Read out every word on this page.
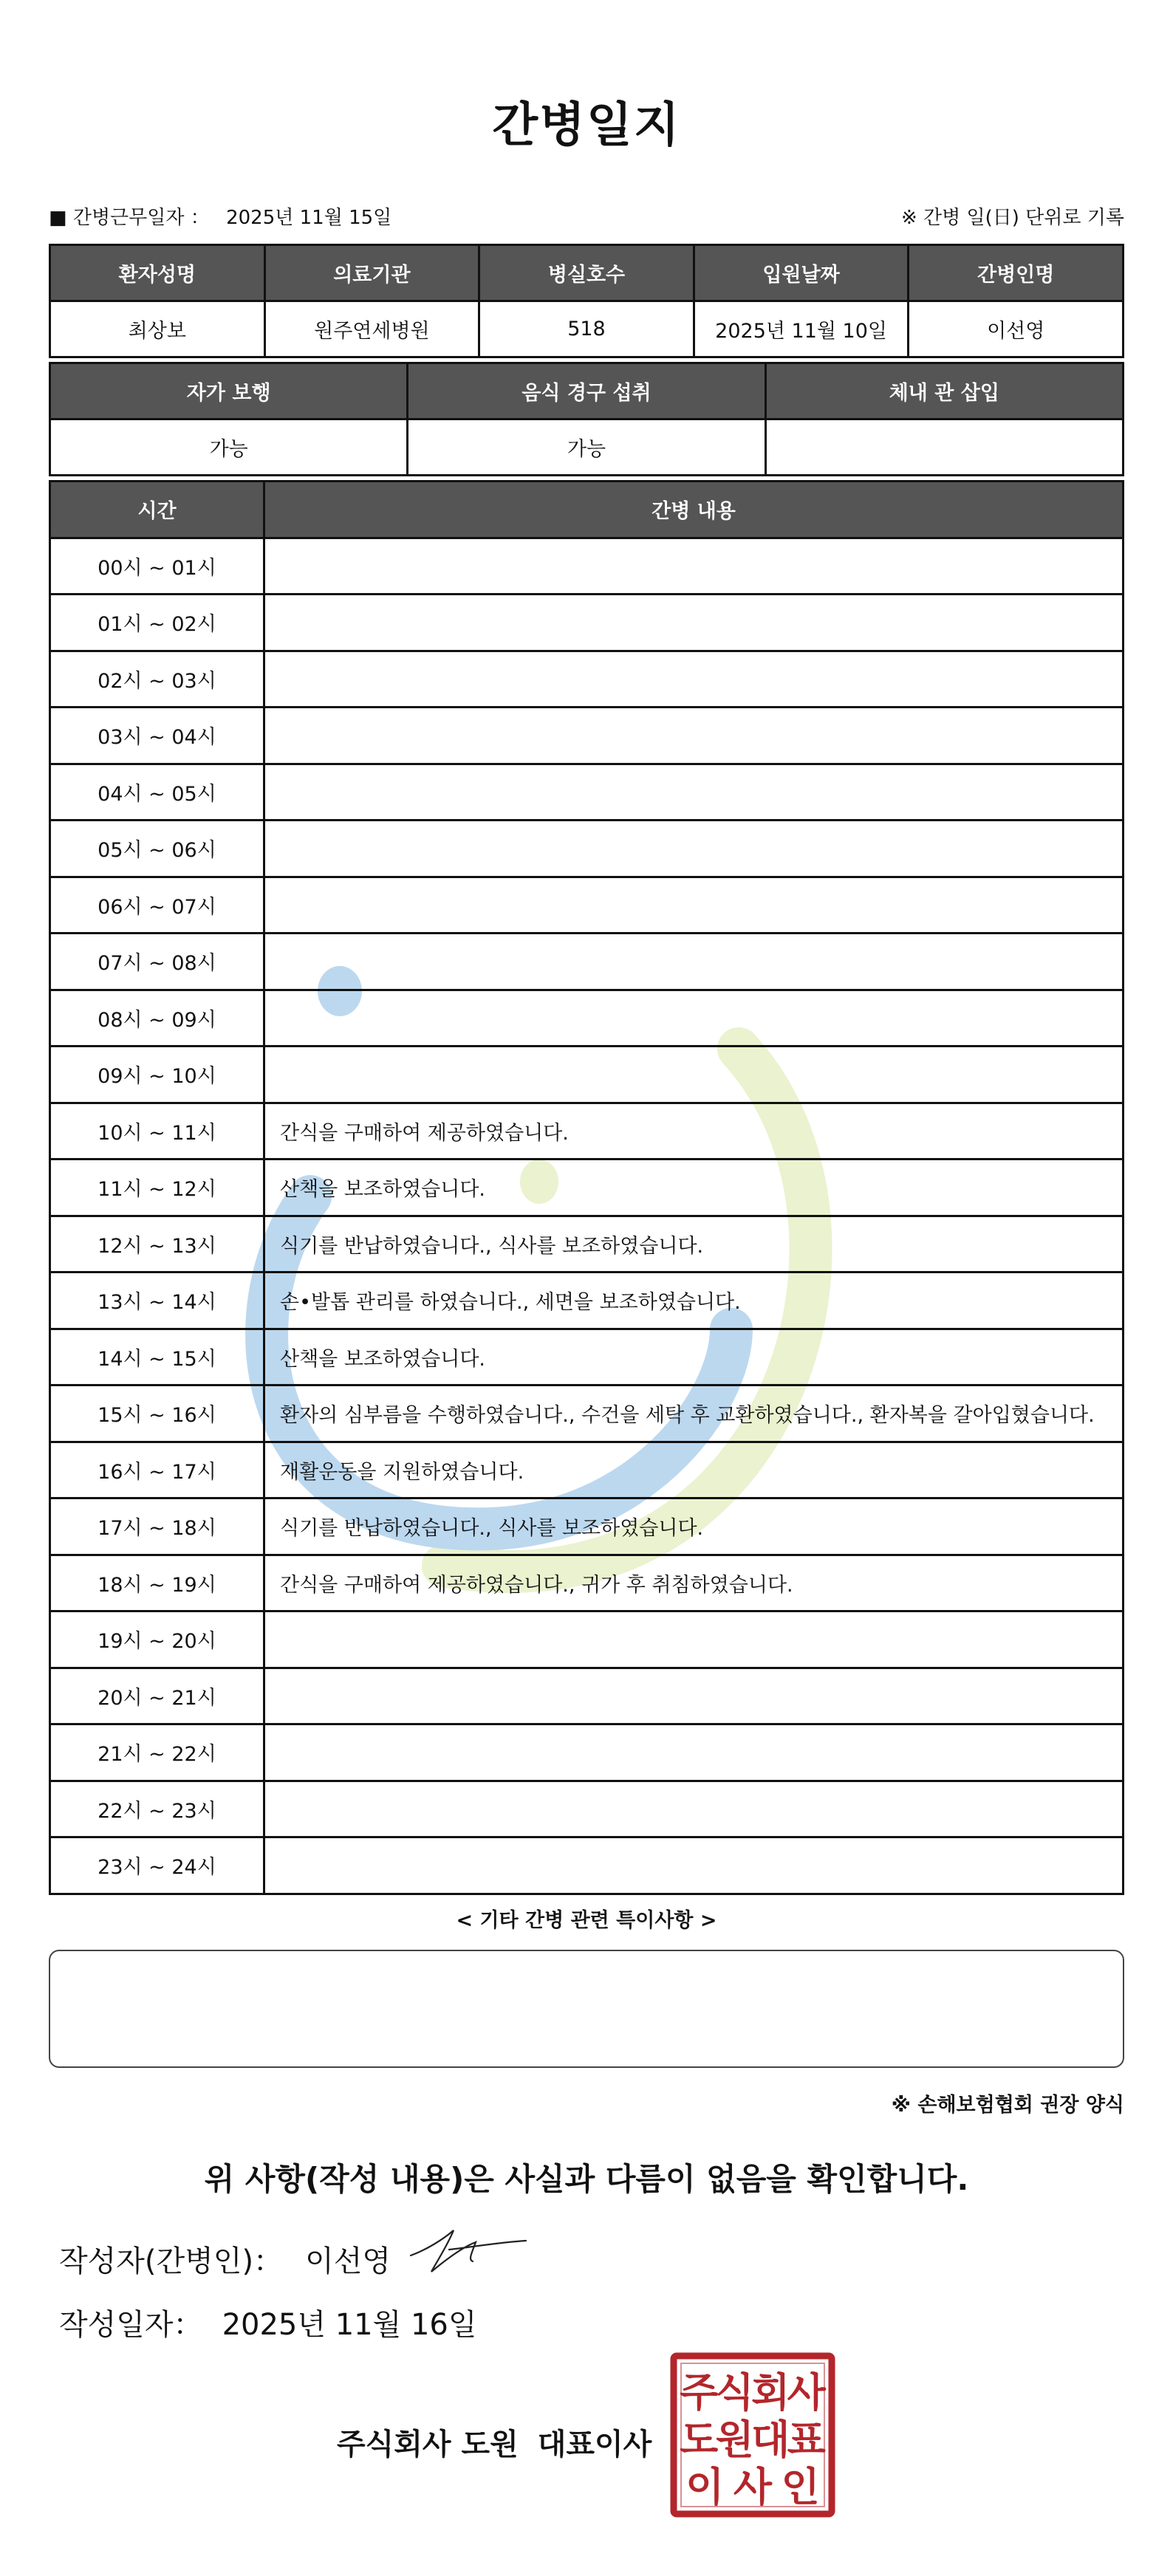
간병일지
■ 간병근무일자 ： 2025년 11월 15일	※ 간병 일(日) 단위로 기록
환자성명	의료기관	병실호수	입원날짜	간병인명
최상보	원주연세병원	518	2025년 11월 10일	이선영
자가 보행	음식 경구 섭취	체내 관 삽입
가능	가능	
시간	간병 내용
00시 ~ 01시	
01시 ~ 02시	
02시 ~ 03시	
03시 ~ 04시	
04시 ~ 05시	
05시 ~ 06시	
06시 ~ 07시	
07시 ~ 08시	
08시 ~ 09시	
09시 ~ 10시	
10시 ~ 11시	간식을 구매하여 제공하였습니다.
11시 ~ 12시	산책을 보조하였습니다.
12시 ~ 13시	식기를 반납하였습니다., 식사를 보조하였습니다.
13시 ~ 14시	손•발톱 관리를 하였습니다., 세면을 보조하였습니다.
14시 ~ 15시	산책을 보조하였습니다.
15시 ~ 16시	환자의 심부름을 수행하였습니다., 수건을 세탁 후 교환하였습니다., 환자복을 갈아입혔습니다.
16시 ~ 17시	재활운동을 지원하였습니다.
17시 ~ 18시	식기를 반납하였습니다., 식사를 보조하였습니다.
18시 ~ 19시	간식을 구매하여 제공하였습니다., 귀가 후 취침하였습니다.
19시 ~ 20시	
20시 ~ 21시	
21시 ~ 22시	
22시 ~ 23시	
23시 ~ 24시	
< 기타 간병 관련 특이사항 >
※ 손해보험협회 권장 양식
위 사항(작성 내용)은 사실과 다름이 없음을 확인합니다.
작성자(간병인)： 이선영
작성일자： 2025년 11월 16일
주식회사 도원 대표이사
주
식
회
사
도
원
대
표
이 사 인
